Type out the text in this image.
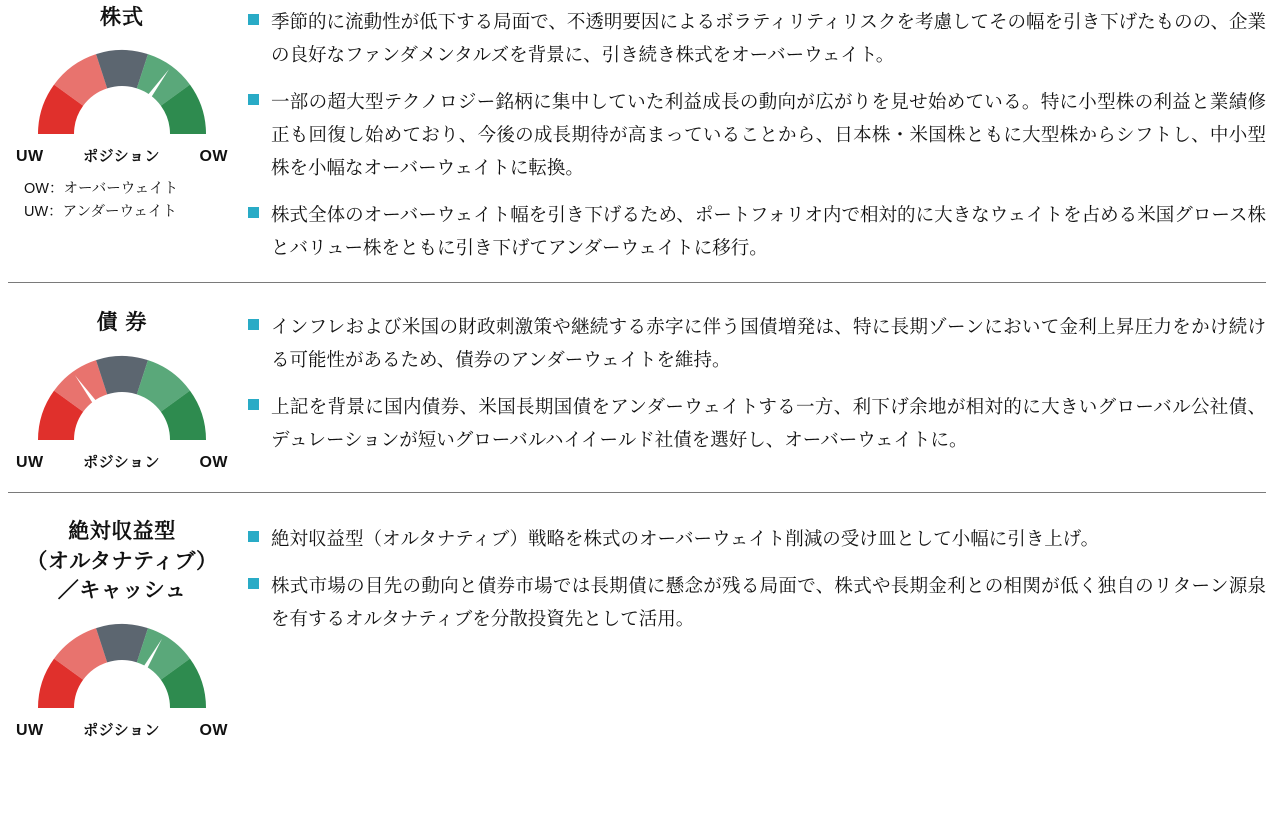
株式
UW	ポジション OW
OW：オーバーウェイト
UW：アンダーウェイト
季節的に流動性が低下する局面で、不透明要因によるボラティリティリスクを考慮してその幅を引き下げたものの、企業の良好なファンダメンタルズを背景に、引き続き株式をオーバーウェイト。
一部の超大型テクノロジー銘柄に集中していた利益成長の動向が広がりを見せ始めている。特に小型株の利益と業績修正も回復し始めており、今後の成長期待が高まっていることから、日本株・米国株ともに大型株からシフトし、中小型株を小幅なオーバーウェイトに転換。
株式全体のオーバーウェイト幅を引き下げるため、ポートフォリオ内で相対的に大きなウェイトを占める米国グロース株とバリュー株をともに引き下げてアンダーウェイトに移行。
債 券
UW	ポジション OW
インフレおよび米国の財政刺激策や継続する赤字に伴う国債増発は、特に長期ゾーンにおいて金利上昇圧力をかけ続ける可能性があるため、債券のアンダーウェイトを維持。
上記を背景に国内債券、米国長期国債をアンダーウェイトする一方、利下げ余地が相対的に大きいグローバル公社債、デュレーションが短いグローバルハイイールド社債を選好し、オーバーウェイトに。
絶対収益型
（オルタナティブ）
／キャッシュ
UW	ポジション OW
絶対収益型（オルタナティブ）戦略を株式のオーバーウェイト削減の受け皿として小幅に引き上げ。
株式市場の目先の動向と債券市場では長期債に懸念が残る局面で、株式や長期金利との相関が低く独自のリターン源泉を有するオルタナティブを分散投資先として活用。
